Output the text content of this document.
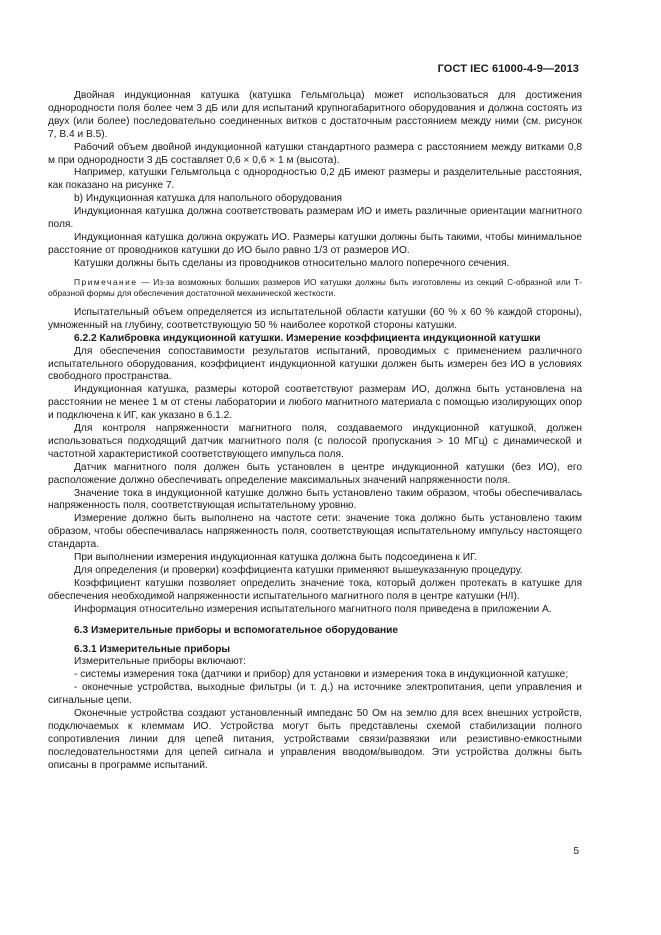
ГОСТ IEC 61000-4-9—2013

Двойная индукционная катушка (катушка Гельмгольца) может использоваться для достижения однородности поля более чем 3 дБ или для испытаний крупногабаритного оборудования и должна состоять из двух (или более) последовательно соединенных витков с достаточным расстоянием между ними (см. рисунок 7, В.4 и В.5).

Рабочий объем двойной индукционной катушки стандартного размера с расстоянием между витками 0,8 м при однородности 3 дБ составляет 0,6 × 0,6 × 1 м (высота).

Например, катушки Гельмгольца с однородностью 0,2 дБ имеют размеры и разделительные расстояния, как показано на рисунке 7.

b) Индукционная катушка для напольного оборудования

Индукционная катушка должна соответствовать размерам ИО и иметь различные ориентации магнитного поля.

Индукционная катушка должна окружать ИО. Размеры катушки должны быть такими, чтобы минимальное расстояние от проводников катушки до ИО было равно 1/3 от размеров ИО.

Катушки должны быть сделаны из проводников относительно малого поперечного сечения.

Примечание — Из-за возможных больших размеров ИО катушки должны быть изготовлены из секций С-образной или Т-образной формы для обеспечения достаточной механической жесткости.

Испытательный объем определяется из испытательной области катушки (60 % х 60 % каждой стороны), умноженный на глубину, соответствующую 50 % наиболее короткой стороны катушки.

6.2.2 Калибровка индукционной катушки. Измерение коэффициента индукционной катушки

Для обеспечения сопоставимости результатов испытаний, проводимых с применением различного испытательного оборудования, коэффициент индукционной катушки должен быть измерен без ИО в условиях свободного пространства.

Индукционная катушка, размеры которой соответствуют размерам ИО, должна быть установлена на расстоянии не менее 1 м от стены лаборатории и любого магнитного материала с помощью изолирующих опор и подключена к ИГ, как указано в 6.1.2.

Для контроля напряженности магнитного поля, создаваемого индукционной катушкой, должен использоваться подходящий датчик магнитного поля (с полосой пропускания > 10 МГц) с динамической и частотной характеристикой соответствующего импульса поля.

Датчик магнитного поля должен быть установлен в центре индукционной катушки (без ИО), его расположение должно обеспечивать определение максимальных значений напряженности поля.

Значение тока в индукционной катушке должно быть установлено таким образом, чтобы обеспечивалась напряженность поля, соответствующая испытательному уровню.

Измерение должно быть выполнено на частоте сети: значение тока должно быть установлено таким образом, чтобы обеспечивалась напряженность поля, соответствующая испытательному импульсу настоящего стандарта.

При выполнении измерения индукционная катушка должна быть подсоединена к ИГ.

Для определения (и проверки) коэффициента катушки применяют вышеуказанную процедуру.

Коэффициент катушки позволяет определить значение тока, который должен протекать в катушке для обеспечения необходимой напряженности испытательного магнитного поля в центре катушки (H/I).

Информация относительно измерения испытательного магнитного поля приведена в приложении А.

6.3 Измерительные приборы и вспомогательное оборудование

6.3.1 Измерительные приборы

Измерительные приборы включают:

- системы измерения тока (датчики и прибор) для установки и измерения тока в индукционной катушке;

- оконечные устройства, выходные фильтры (и т. д.) на источнике электропитания, цепи управления и сигнальные цепи.

Оконечные устройства создают установленный импеданс 50 Ом на землю для всех внешних устройств, подключаемых к клеммам ИО. Устройства могут быть представлены схемой стабилизации полного сопротивления линии для цепей питания, устройствами связи/развязки или резистивно-емкостными последовательностями для цепей сигнала и управления вводом/выводом. Эти устройства должны быть описаны в программе испытаний.

5
